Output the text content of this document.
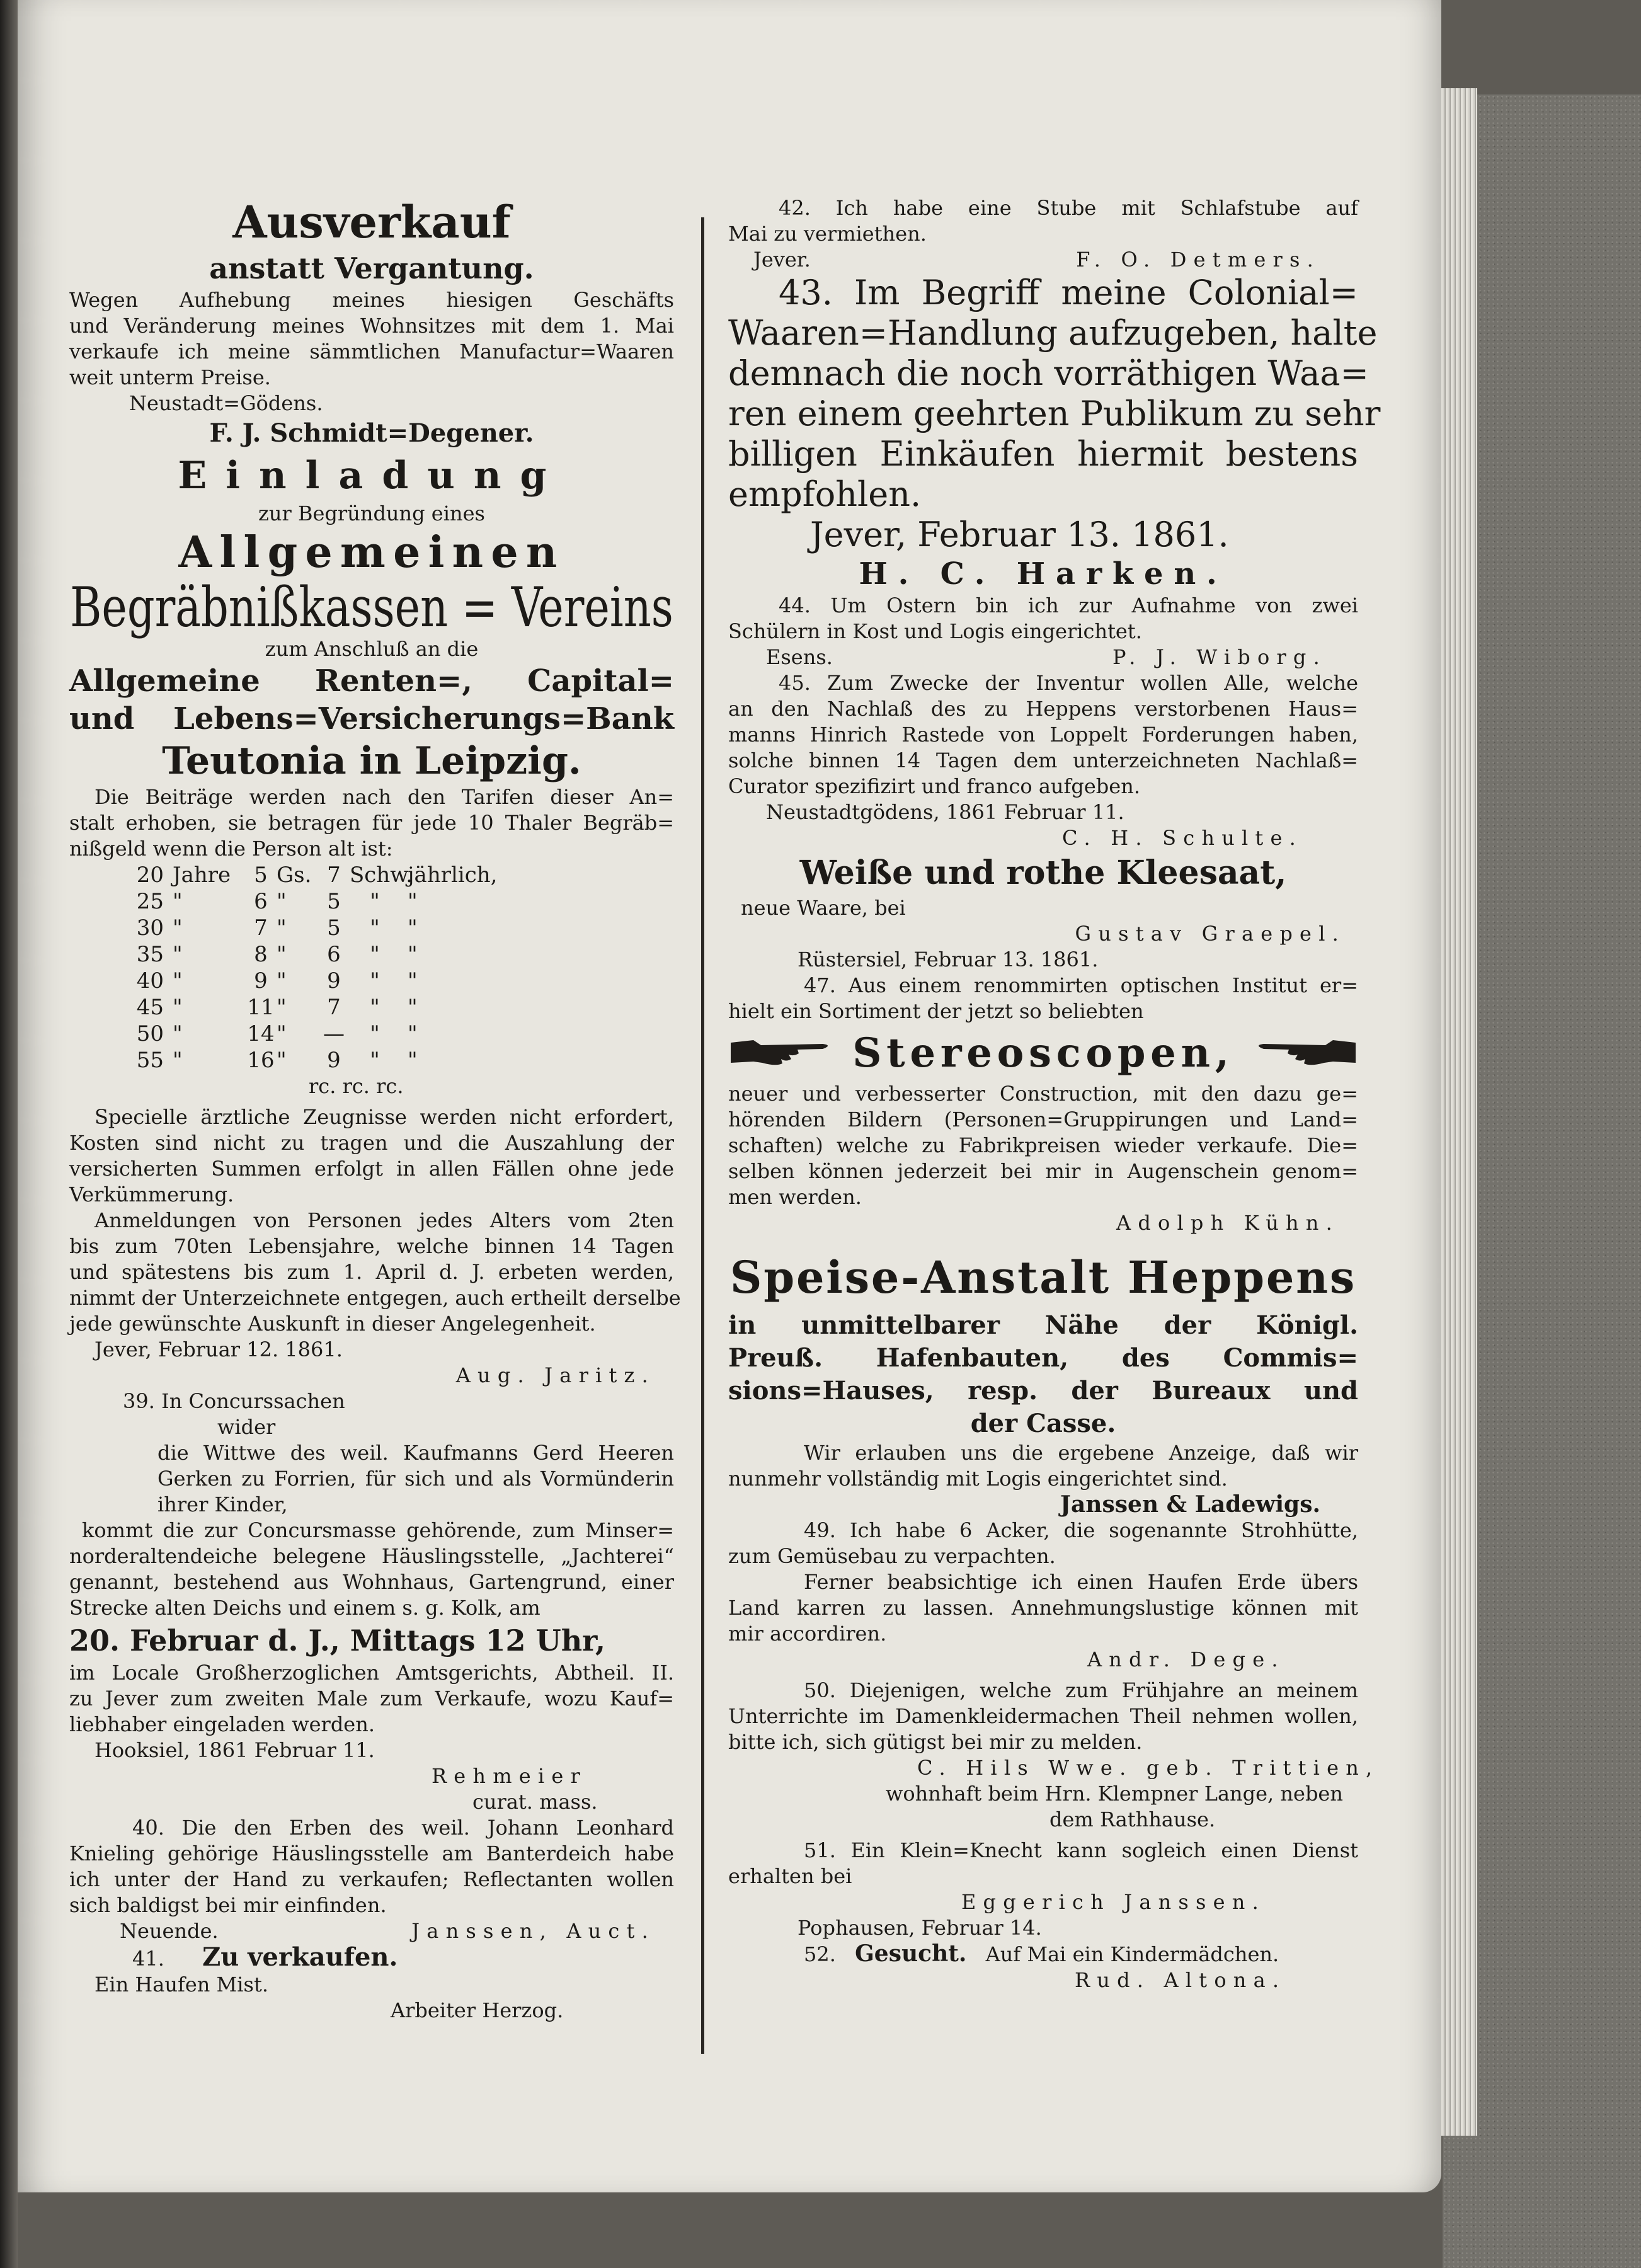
Ausverkauf
anstatt Vergantung.
Wegen Aufhebung meines hiesigen Geschäfts
und Veränderung meines Wohnsitzes mit dem 1. Mai
verkaufe ich meine sämmtlichen Manufactur=Waaren
weit unterm Preise.
Neustadt=Gödens.
F. J. Schmidt=Degener.
Einladung
zur Begründung eines
Allgemeinen
Begräbnißkassen = Vereins
zum Anschluß an die
Allgemeine Renten=, Capital=
und Lebens=Versicherungs=Bank
Teutonia in Leipzig.
Die Beiträge werden nach den Tarifen dieser An=
stalt erhoben, sie betragen für jede 10 Thaler Begräb=
nißgeld wenn die Person alt ist:
20 Jahre	5 Gs. 7 Schw.
jährlich,
25 "	6 "	5	"	"
30 "	7 "	5	"	"
35 "	8 "	6	"	"
40 "	9 "	9	"	"
45 "	11 "	7	"	"
50 "	14 "	—	"	"
55 "	16 "	9	"	"
rc. rc. rc.
Specielle ärztliche Zeugnisse werden nicht erfordert,
Kosten sind nicht zu tragen und die Auszahlung der
versicherten Summen erfolgt in allen Fällen ohne jede
Verkümmerung.
Anmeldungen von Personen jedes Alters vom 2ten
bis zum 70ten Lebensjahre, welche binnen 14 Tagen
und spätestens bis zum 1. April d. J. erbeten werden,
nimmt der Unterzeichnete entgegen, auch ertheilt derselbe
jede gewünschte Auskunft in dieser Angelegenheit.
Jever, Februar 12. 1861.
Aug. Jaritz.
39. In Concurssachen
wider
die Wittwe des weil. Kaufmanns Gerd Heeren
Gerken zu Forrien, für sich und als Vormünderin
ihrer Kinder,
kommt die zur Concursmasse gehörende, zum Minser=
norderaltendeiche belegene Häuslingsstelle, „Jachterei“
genannt, bestehend aus Wohnhaus, Gartengrund, einer
Strecke alten Deichs und einem s. g. Kolk, am
20. Februar d. J., Mittags 12 Uhr,
im Locale Großherzoglichen Amtsgerichts, Abtheil. II.
zu Jever zum zweiten Male zum Verkaufe, wozu Kauf=
liebhaber eingeladen werden.
Hooksiel, 1861 Februar 11.
Rehmeier
curat. mass.
40. Die den Erben des weil. Johann Leonhard
Knieling gehörige Häuslingsstelle am Banterdeich habe
ich unter der Hand zu verkaufen; Reflectanten wollen
sich baldigst bei mir einfinden.
Neuende.	Janssen, Auct.
41. Zu verkaufen.
Ein Haufen Mist.
Arbeiter Herzog.
42. Ich habe eine Stube mit Schlafstube auf
Mai zu vermiethen.
Jever.	F. O. Detmers.
43. Im Begriff meine Colonial=
Waaren=Handlung aufzugeben, halte
demnach die noch vorräthigen Waa=
ren einem geehrten Publikum zu sehr
billigen Einkäufen hiermit bestens
empfohlen.
Jever, Februar 13. 1861.
H. C. Harken.
44. Um Ostern bin ich zur Aufnahme von zwei
Schülern in Kost und Logis eingerichtet.
Esens.	P. J. Wiborg.
45. Zum Zwecke der Inventur wollen Alle, welche
an den Nachlaß des zu Heppens verstorbenen Haus=
manns Hinrich Rastede von Loppelt Forderungen haben,
solche binnen 14 Tagen dem unterzeichneten Nachlaß=
Curator spezifizirt und franco aufgeben.
Neustadtgödens, 1861 Februar 11.
C. H. Schulte.
Weiße und rothe Kleesaat,
neue Waare, bei
Gustav Graepel.
Rüstersiel, Februar 13. 1861.
47. Aus einem renommirten optischen Institut er=
hielt ein Sortiment der jetzt so beliebten
Stereoscopen,
neuer und verbesserter Construction, mit den dazu ge=
hörenden Bildern (Personen=Gruppirungen und Land=
schaften) welche zu Fabrikpreisen wieder verkaufe. Die=
selben können jederzeit bei mir in Augenschein genom=
men werden.
Adolph Kühn.
Speise-Anstalt Heppens
in unmittelbarer Nähe der Königl.
Preuß. Hafenbauten, des Commis=
sions=Hauses, resp. der Bureaux und
der Casse.
Wir erlauben uns die ergebene Anzeige, daß wir
nunmehr vollständig mit Logis eingerichtet sind.
Janssen & Ladewigs.
49. Ich habe 6 Acker, die sogenannte Strohhütte,
zum Gemüsebau zu verpachten.
Ferner beabsichtige ich einen Haufen Erde übers
Land karren zu lassen. Annehmungslustige können mit
mir accordiren.
Andr. Dege.
50. Diejenigen, welche zum Frühjahre an meinem
Unterrichte im Damenkleidermachen Theil nehmen wollen,
bitte ich, sich gütigst bei mir zu melden.
C. Hils Wwe. geb. Trittien,
wohnhaft beim Hrn. Klempner Lange, neben
dem Rathhause.
51. Ein Klein=Knecht kann sogleich einen Dienst
erhalten bei
Eggerich Janssen.
Pophausen, Februar 14.
52. Gesucht. Auf Mai ein Kindermädchen.
Rud. Altona.
